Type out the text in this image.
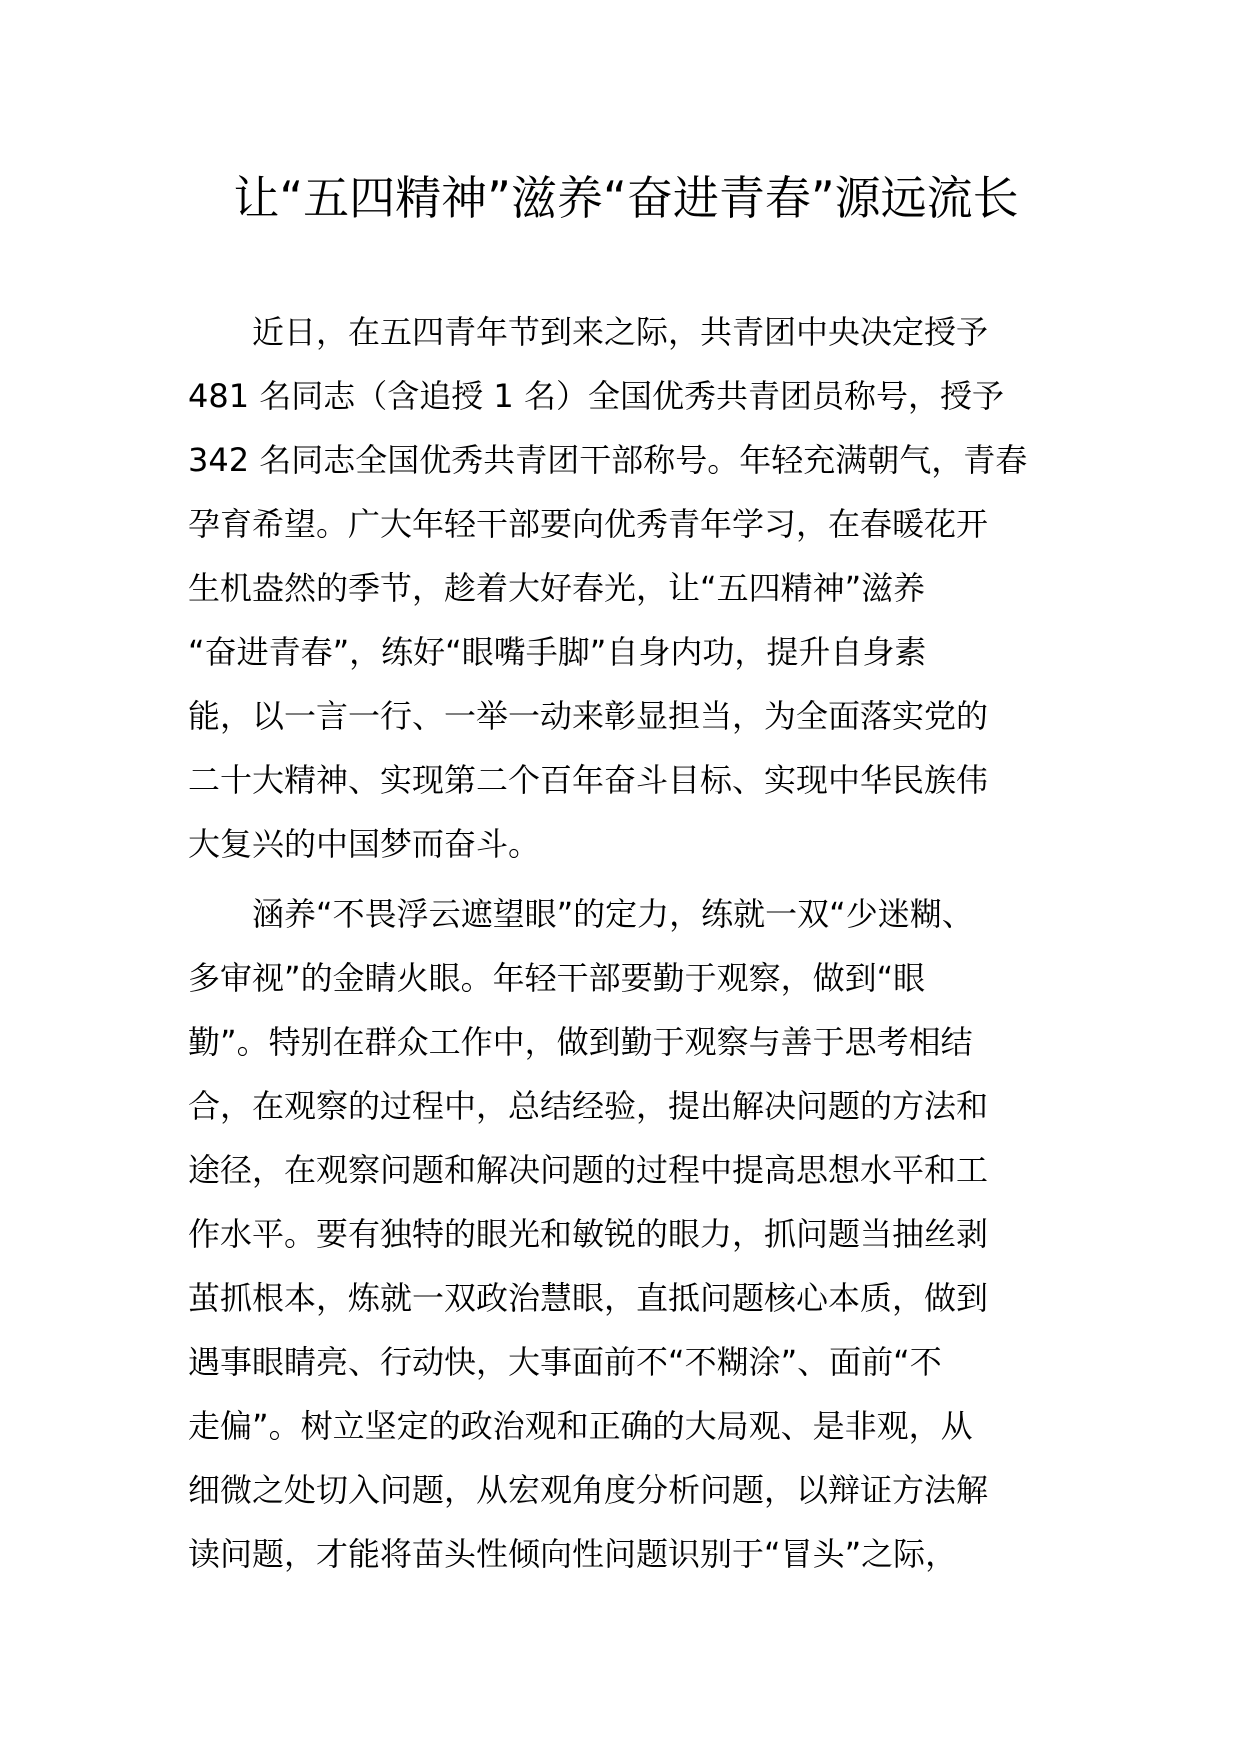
让“五四精神”滋养“奋进青春”源远流长
近日，在五四青年节到来之际，共青团中央决定授予
481 名同志（含追授 1 名）全国优秀共青团员称号，授予
342 名同志全国优秀共青团干部称号。年轻充满朝气，青春
孕育希望。广大年轻干部要向优秀青年学习，在春暖花开
生机盎然的季节，趁着大好春光，让“五四精神”滋养
“奋进青春”，练好“眼嘴手脚”自身内功，提升自身素
能，以一言一行、一举一动来彰显担当，为全面落实党的
二十大精神、实现第二个百年奋斗目标、实现中华民族伟
大复兴的中国梦而奋斗。
涵养“不畏浮云遮望眼”的定力，练就一双“少迷糊、
多审视”的金睛火眼。年轻干部要勤于观察，做到“眼
勤”。特别在群众工作中，做到勤于观察与善于思考相结
合，在观察的过程中，总结经验，提出解决问题的方法和
途径，在观察问题和解决问题的过程中提高思想水平和工
作水平。要有独特的眼光和敏锐的眼力，抓问题当抽丝剥
茧抓根本，炼就一双政治慧眼，直抵问题核心本质，做到
遇事眼睛亮、行动快，大事面前不“不糊涂”、面前“不
走偏”。树立坚定的政治观和正确的大局观、是非观，从
细微之处切入问题，从宏观角度分析问题，以辩证方法解
读问题，才能将苗头性倾向性问题识别于“冒头”之际，
